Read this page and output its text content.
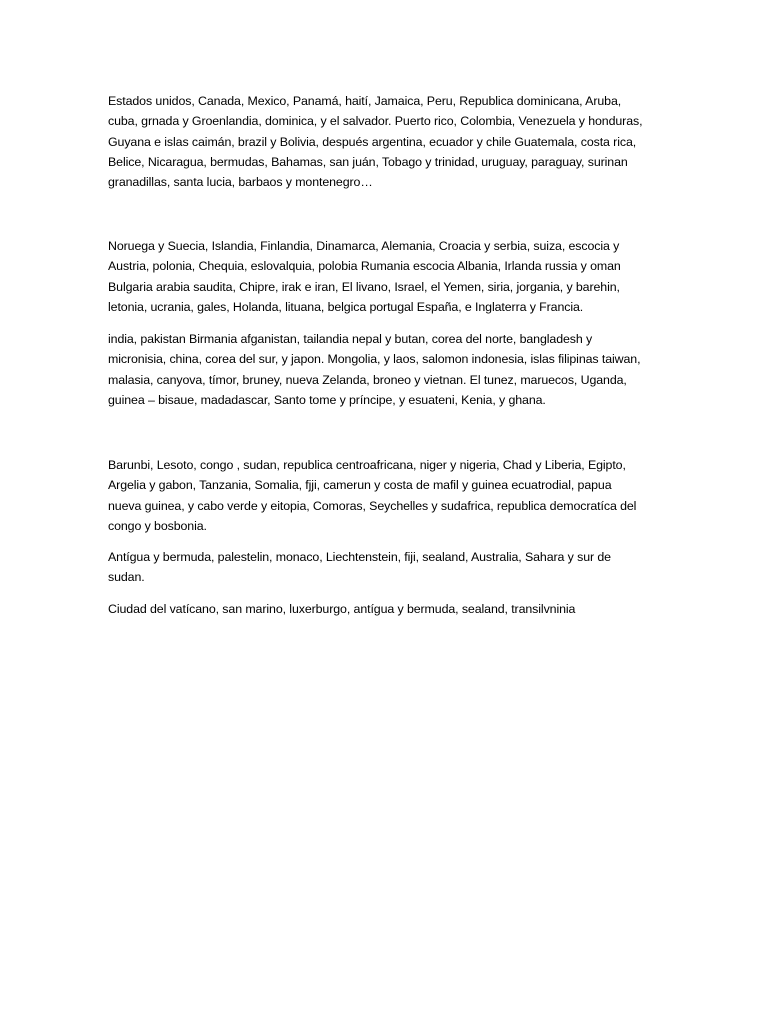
Estados unidos, Canada, Mexico, Panamá, haití, Jamaica, Peru, Republica dominicana, Aruba,
cuba, grnada y Groenlandia, dominica, y el salvador. Puerto rico, Colombia, Venezuela y honduras,
Guyana e islas caimán, brazil y Bolivia, después argentina, ecuador y chile Guatemala, costa rica,
Belice, Nicaragua, bermudas, Bahamas, san juán, Tobago y trinidad, uruguay, paraguay, surinan
granadillas, santa lucia, barbaos y montenegro…

Noruega y Suecia, Islandia, Finlandia, Dinamarca, Alemania, Croacia y serbia, suiza, escocia y
Austria, polonia, Chequia, eslovalquia, polobia Rumania escocia Albania, Irlanda russia y oman
Bulgaria arabia saudita, Chipre, irak e iran, El livano, Israel, el Yemen, siria, jorgania, y barehin,
letonia, ucrania, gales, Holanda, lituana, belgica portugal España, e Inglaterra y Francia.

india, pakistan Birmania afganistan, tailandia nepal y butan, corea del norte, bangladesh y
micronisia, china, corea del sur, y japon. Mongolia, y laos, salomon indonesia, islas filipinas taiwan,
malasia, canyova, tímor, bruney, nueva Zelanda, broneo y vietnan. El tunez, maruecos, Uganda,
guinea – bisaue, madadascar, Santo tome y príncipe, y esuateni, Kenia, y ghana.

Barunbi, Lesoto, congo , sudan, republica centroafricana, niger y nigeria, Chad y Liberia, Egipto,
Argelia y gabon, Tanzania, Somalia, fjji, camerun y costa de mafil y guinea ecuatrodial, papua
nueva guinea, y cabo verde y eitopia, Comoras, Seychelles y sudafrica, republica democratíca del
congo y bosbonia.

Antígua y bermuda, palestelin, monaco, Liechtenstein, fiji, sealand, Australia, Sahara y sur de
sudan.

Ciudad del vatícano, san marino, luxerburgo, antígua y bermuda, sealand, transilvninia
